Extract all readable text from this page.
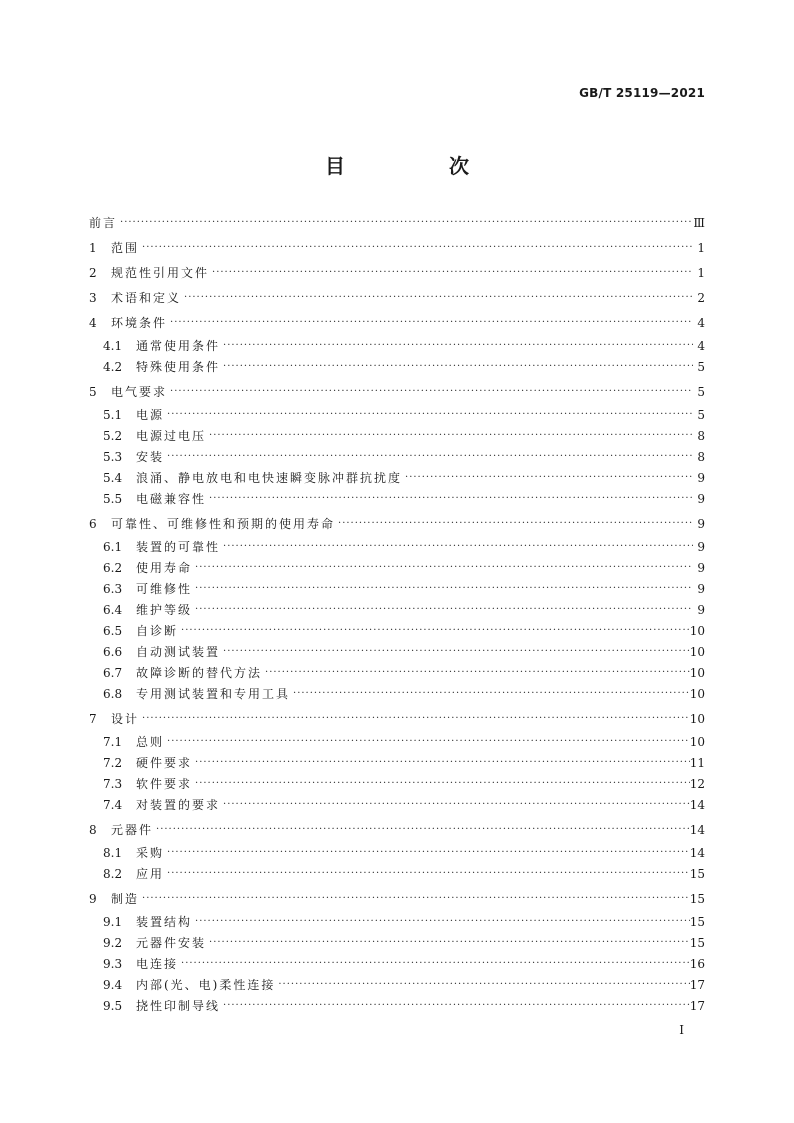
GB/T 25119—2021
目　次
前言 ·····	Ⅲ
1	范围 ·····	1
2	规范性引用文件 ·····	1
3	术语和定义 ·····	2
4	环境条件 ·····	4
4.1	通常使用条件 ·····	4
4.2	特殊使用条件 ·····	5
5	电气要求 ·····	5
5.1	电源 ·····	5
5.2	电源过电压 ·····	8
5.3	安装 ·····	8
5.4	浪涌、静电放电和电快速瞬变脉冲群抗扰度 ·····	9
5.5	电磁兼容性 ·····	9
6	可靠性、可维修性和预期的使用寿命 ·····	9
6.1	装置的可靠性 ·····	9
6.2	使用寿命 ·····	9
6.3	可维修性 ·····	9
6.4	维护等级 ·····	9
6.5	自诊断 ·····	10
6.6	自动测试装置 ·····	10
6.7	故障诊断的替代方法 ·····	10
6.8	专用测试装置和专用工具 ·····	10
7	设计 ·····	10
7.1	总则 ·····	10
7.2	硬件要求 ·····	11
7.3	软件要求 ·····	12
7.4	对装置的要求 ·····	14
8	元器件 ·····	14
8.1	采购 ·····	14
8.2	应用 ·····	15
9	制造 ·····	15
9.1	装置结构 ·····	15
9.2	元器件安装 ·····	15
9.3	电连接 ·····	16
9.4	内部(光、电)柔性连接 ·····	17
9.5	挠性印制导线 ·····	17
I
